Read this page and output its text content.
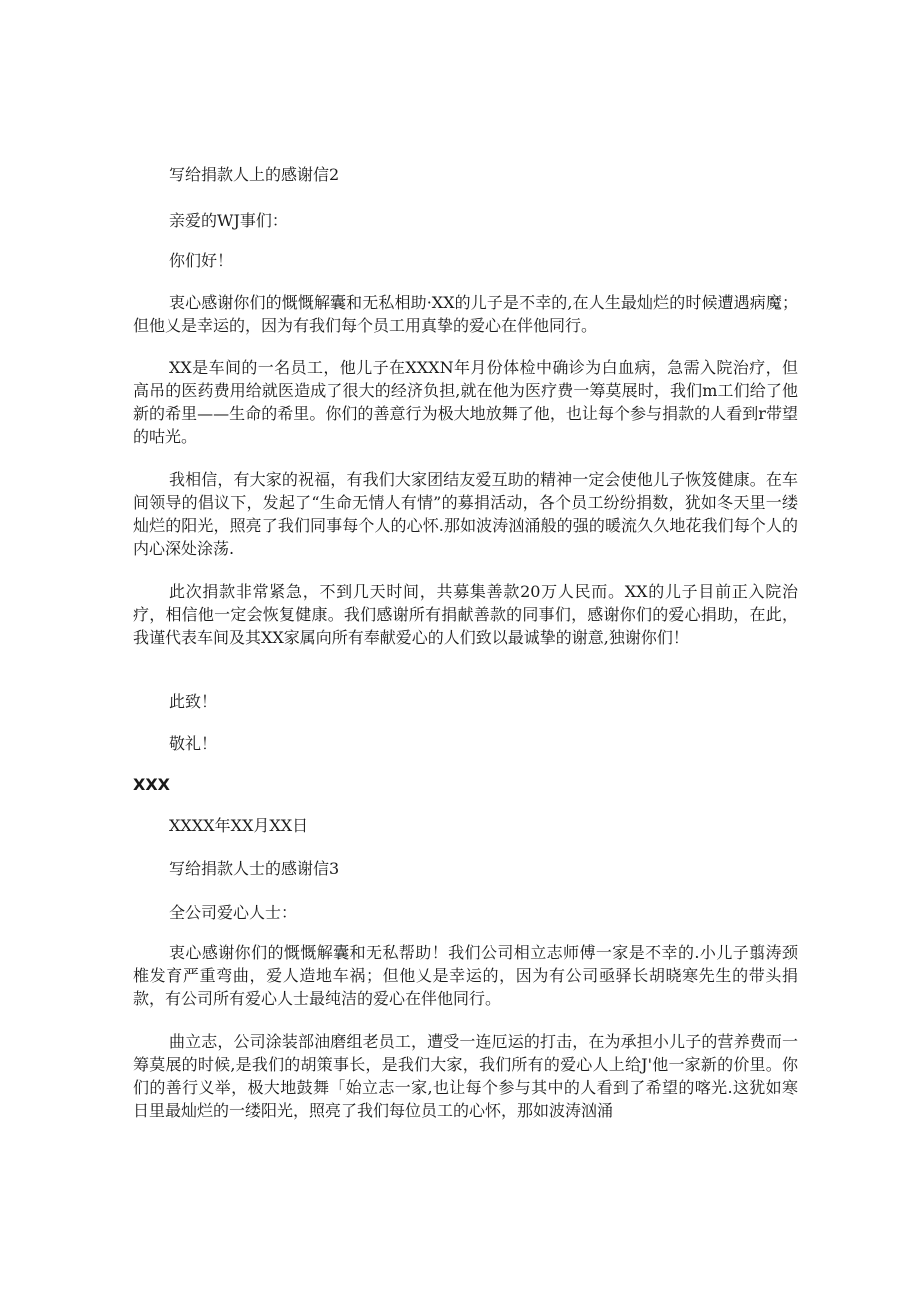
写给捐款人上的感谢信2
亲爱的WJ事们：
你们好！
衷心感谢你们的慨慨解囊和无私相助·XX的儿子是不幸的,在人生最灿烂的时候遭遇病魔；但他乂是幸运的，因为有我们每个员工用真挚的爱心在伴他同行。
XX是车间的一名员工，他儿子在XXXN年月份体检中确诊为白血病，急需入院治疗，但高吊的医药费用给就医造成了很大的经济负担,就在他为医疗费一筹莫展时，我们m工们给了他新的希里——生命的希里。你们的善意行为极大地放舞了他，也让每个参与捐款的人看到r带望的咕光。
我相信，有大家的祝福，有我们大家团结友爱互助的精神一定会使他儿子恢笈健康。在车间领导的倡议下，发起了“生命无情人有情”的募捐活动，各个员工纷纷捐数，犹如冬天里一缕灿烂的阳光，照亮了我们同事每个人的心怀.那如波涛汹涌般的强的暖流久久地花我们每个人的内心深处涂荡.
此次捐款非常紧急，不到几天时间，共募集善款20万人民而。XX的儿子目前正入院治疗，相信他一定会恢复健康。我们感谢所有捐献善款的同事们，感谢你们的爱心捐助，在此，我谨代表车间及其XX家属向所有奉献爱心的人们致以最诚挚的谢意,独谢你们！
此致！
敬礼！
XXX
XXXX年XX月XX日
写给捐款人士的感谢信3
全公司爱心人士：
衷心感谢你们的慨慨解囊和无私帮助！我们公司相立志师傅一家是不幸的.小儿子翦涛颈椎发育严重弯曲，爱人造地车祸；但他乂是幸运的，因为有公司亟驿长胡晓寒先生的带头捐款，有公司所有爱心人士最纯洁的爱心在伴他同行。
曲立志，公司涂装部油磨组老员工，遭受一连厄运的打击，在为承担小儿子的营养费而一筹莫展的时候,是我们的胡策事长，是我们大家，我们所有的爱心人上给J'他一家新的价里。你们的善行义举，极大地鼓舞「始立志一家,也让每个参与其中的人看到了希望的喀光.这犹如寒日里最灿烂的一缕阳光，照亮了我们每位员工的心怀，那如波涛汹涌
